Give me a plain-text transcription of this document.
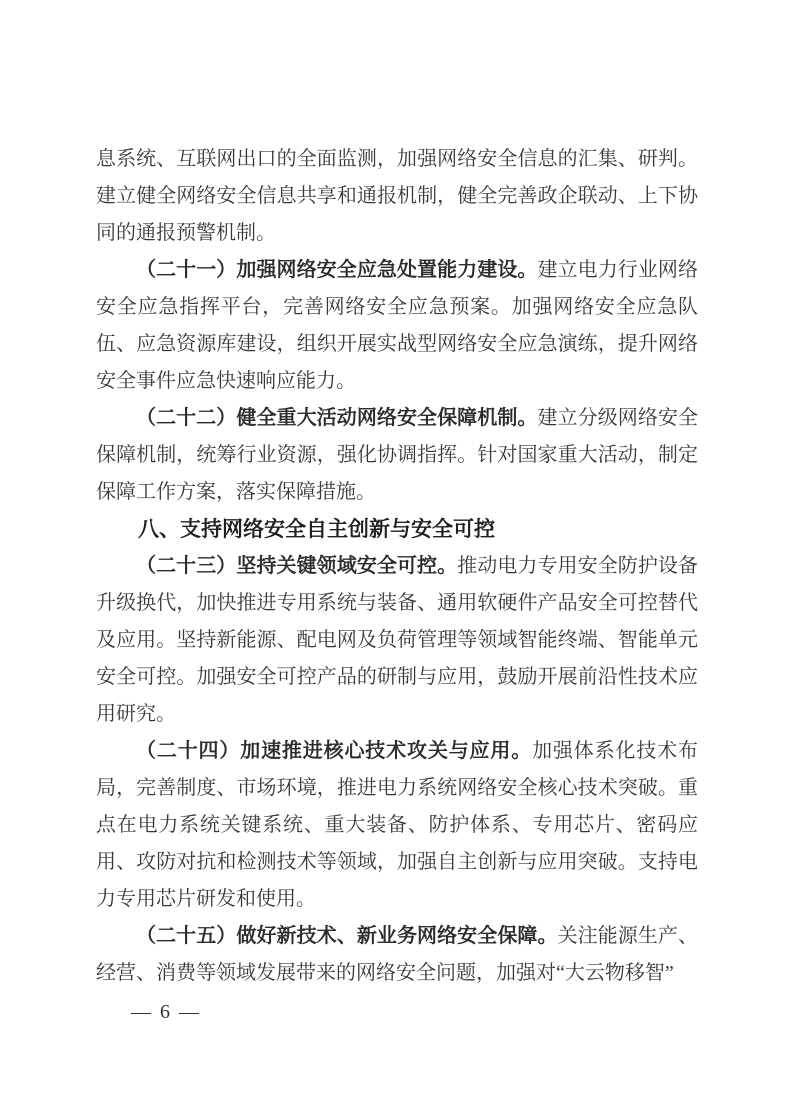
息系统、互联网出口的全面监测，加强网络安全信息的汇集、研判。建立健全网络安全信息共享和通报机制，健全完善政企联动、上下协同的通报预警机制。

（二十一）加强网络安全应急处置能力建设。建立电力行业网络安全应急指挥平台，完善网络安全应急预案。加强网络安全应急队伍、应急资源库建设，组织开展实战型网络安全应急演练，提升网络安全事件应急快速响应能力。

（二十二）健全重大活动网络安全保障机制。建立分级网络安全保障机制，统筹行业资源，强化协调指挥。针对国家重大活动，制定保障工作方案，落实保障措施。

八、支持网络安全自主创新与安全可控

（二十三）坚持关键领域安全可控。推动电力专用安全防护设备升级换代，加快推进专用系统与装备、通用软硬件产品安全可控替代及应用。坚持新能源、配电网及负荷管理等领域智能终端、智能单元安全可控。加强安全可控产品的研制与应用，鼓励开展前沿性技术应用研究。

（二十四）加速推进核心技术攻关与应用。加强体系化技术布局，完善制度、市场环境，推进电力系统网络安全核心技术突破。重点在电力系统关键系统、重大装备、防护体系、专用芯片、密码应用、攻防对抗和检测技术等领域，加强自主创新与应用突破。支持电力专用芯片研发和使用。

（二十五）做好新技术、新业务网络安全保障。关注能源生产、经营、消费等领域发展带来的网络安全问题，加强对“大云物移智”

— 6 —
